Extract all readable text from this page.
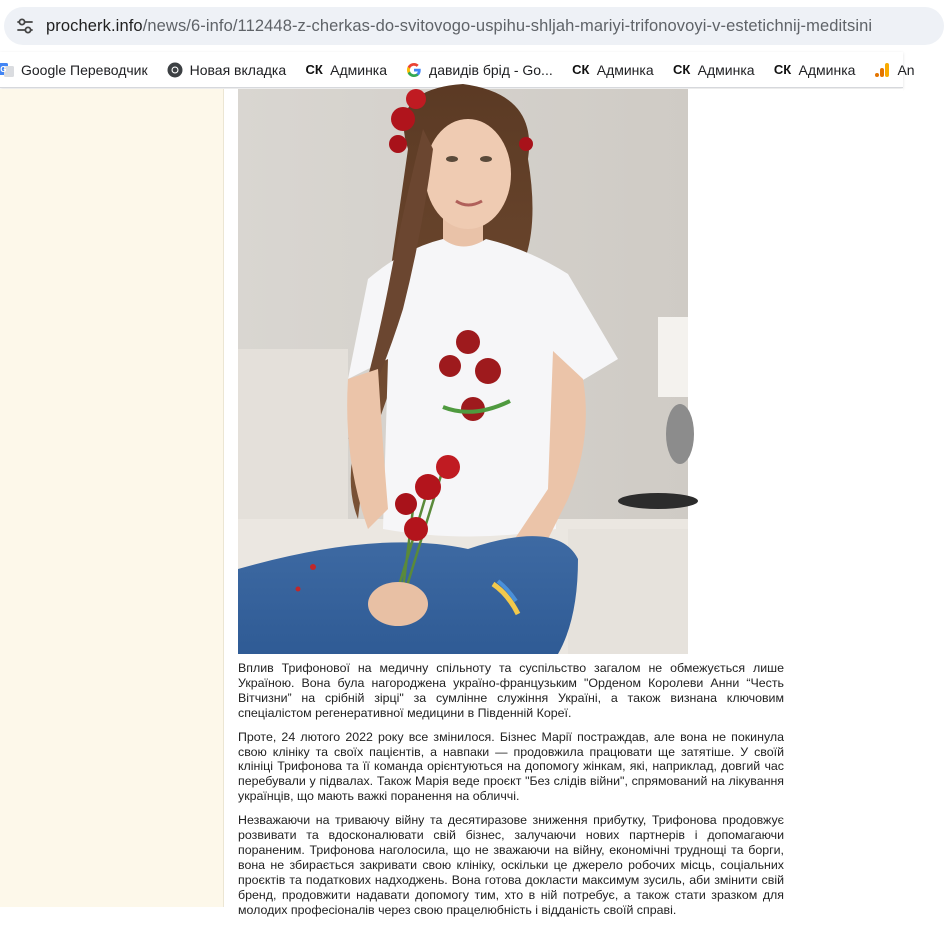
procherk.info/news/6-info/112448-z-cherkas-do-svitovogo-uspihu-shljah-mariyi-trifonovoyi-v-estetichnij-meditsini
G Google Переводчик	Новая вкладка СК Админка	давидів брід - Go... СК Админка СК Админка СК Админка	An

Вплив Трифонової на медичну спільноту та суспільство загалом не обмежується лише Україною. Вона була нагороджена україно-французьким "Орденом Королеви Анни “Честь Вітчизни” на срібній зірці" за сумлінне служіння Україні, а також визнана ключовим спеціалістом регенеративної медицини в Південній Кореї.

Проте, 24 лютого 2022 року все змінилося. Бізнес Марії постраждав, але вона не покинула свою клініку та своїх пацієнтів, а навпаки — продовжила працювати ще затятіше. У своїй клініці Трифонова та її команда орієнтуються на допомогу жінкам, які, наприклад, довгий час перебували у підвалах. Також Марія веде проєкт "Без слідів війни", спрямований на лікування українців, що мають важкі поранення на обличчі.

Незважаючи на триваючу війну та десятиразове зниження прибутку, Трифонова продовжує розвивати та вдосконалювати свій бізнес, залучаючи нових партнерів і допомагаючи пораненим. Трифонова наголосила, що не зважаючи на війну, економічні труднощі та борги, вона не збирається закривати свою клініку, оскільки це джерело робочих місць, соціальних проєктів та податкових надходжень. Вона готова докласти максимум зусиль, аби змінити свій бренд, продовжити надавати допомогу тим, хто в ній потребує, а також стати зразком для молодих професіоналів через свою працелюбність і відданість своїй справі.
